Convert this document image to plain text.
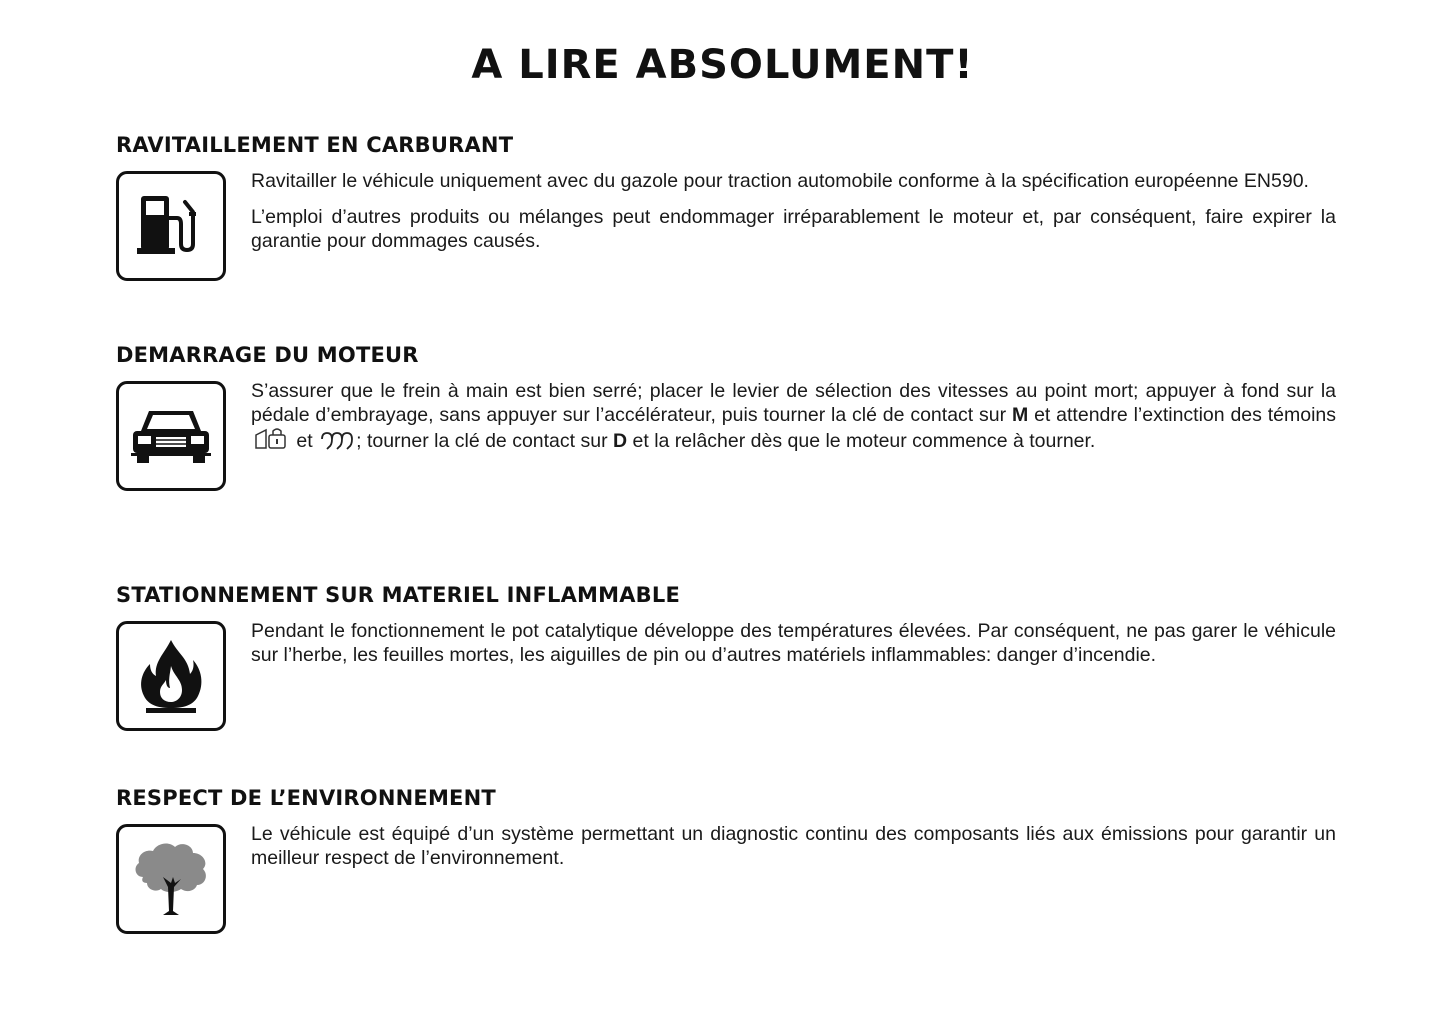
A LIRE ABSOLUMENT!
RAVITAILLEMENT EN CARBURANT

Ravitailler le véhicule uniquement avec du gazole pour traction automobile conforme à la spécification européenne EN590.

L’emploi d’autres produits ou mélanges peut endommager irréparablement le moteur et, par conséquent, faire expirer la garantie pour dommages causés.

DEMARRAGE DU MOTEUR

S’assurer que le frein à main est bien serré; placer le levier de sélection des vitesses au point mort; appuyer à fond sur la pédale d’embrayage, sans appuyer sur l’accélérateur, puis tourner la clé de contact sur M et attendre l’extinction des témoins  et ; tourner la clé de contact sur D et la relâcher dès que le moteur commence à tourner.

STATIONNEMENT SUR MATERIEL INFLAMMABLE

Pendant le fonctionnement le pot catalytique développe des températures élevées. Par conséquent, ne pas garer le véhicule sur l’herbe, les feuilles mortes, les aiguilles de pin ou d’autres matériels inflammables: danger d’incendie.

RESPECT DE L’ENVIRONNEMENT

Le véhicule est équipé d’un système permettant un diagnostic continu des composants liés aux émissions pour garantir un meilleur respect de l’environnement.
